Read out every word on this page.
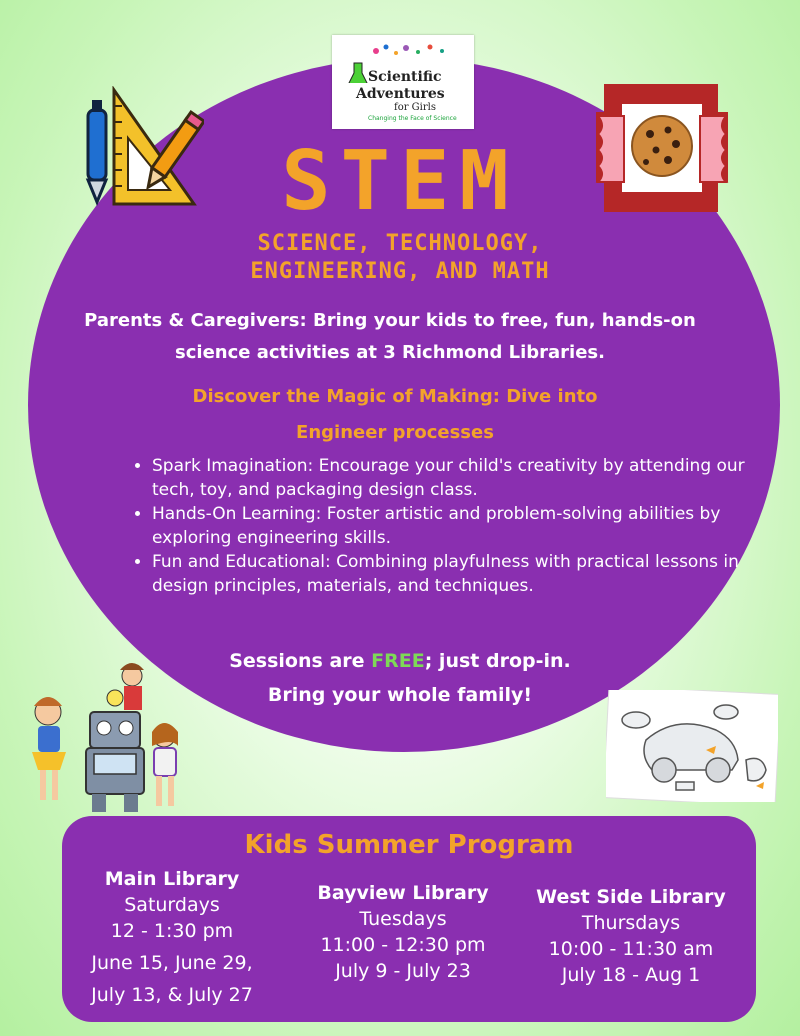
Scientific
Adventures
for Girls
Changing the Face of Science
STEM
SCIENCE, TECHNOLOGY,
ENGINEERING, AND MATH
Parents & Caregivers: Bring your kids to free, fun, hands-on
science activities at 3 Richmond Libraries.
Discover the Magic of Making: Dive into
Engineer processes
• Spark Imagination: Encourage your child's creativity by attending our tech, toy, and packaging design class.
• Hands-On Learning: Foster artistic and problem-solving abilities by exploring engineering skills.
• Fun and Educational: Combining playfulness with practical lessons in design principles, materials, and techniques.
Sessions are FREE; just drop-in.
Bring your whole family!
Kids Summer Program
Main Library
Saturdays
12 - 1:30 pm
June 15, June 29,
July 13, & July 27
Bayview Library
Tuesdays
11:00 - 12:30 pm
July 9 - July 23
West Side Library
Thursdays
10:00 - 11:30 am
July 18 - Aug 1
